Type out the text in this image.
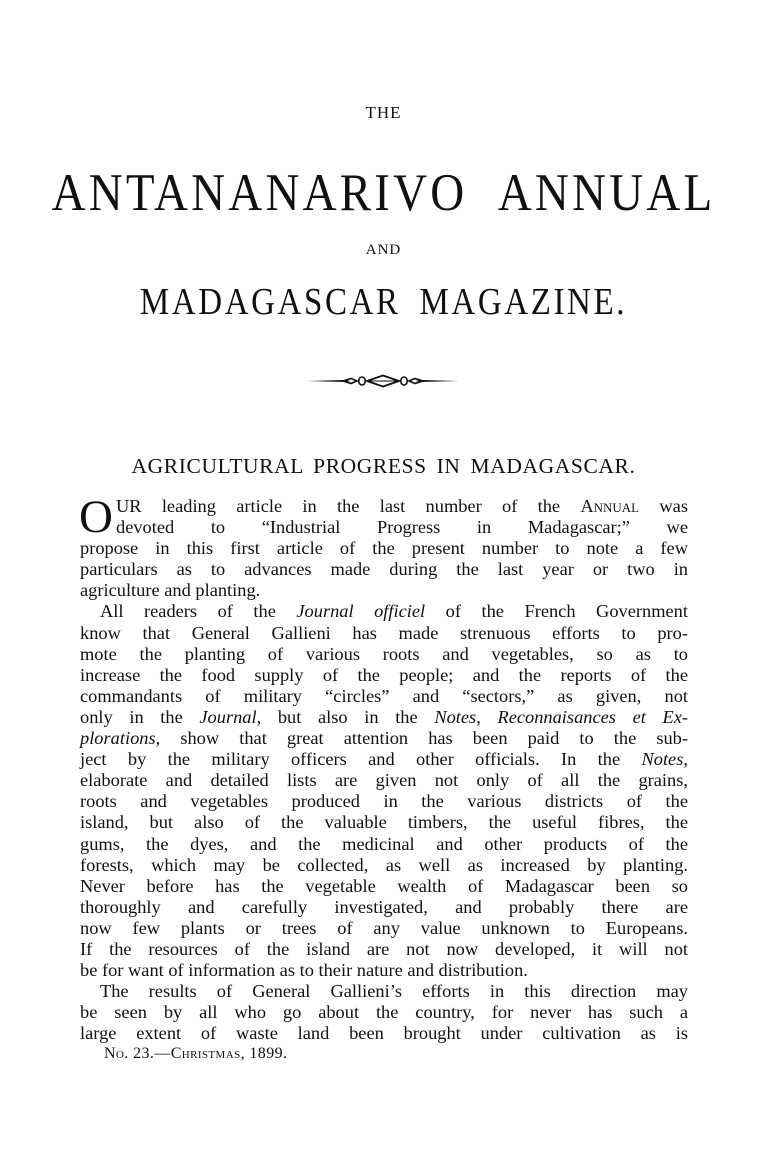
THE
ANTANANARIVO ANNUAL
AND
MADAGASCAR MAGAZINE.
AGRICULTURAL PROGRESS IN MADAGASCAR.
O UR leading article in the last number of the Annual was
devoted to “Industrial Progress in Madagascar;” we
propose in this first article of the present number to note a few
particulars as to advances made during the last year or two in
agriculture and planting.
All readers of the Journal officiel of the French Government
know that General Gallieni has made strenuous efforts to pro-
mote the planting of various roots and vegetables, so as to
increase the food supply of the people; and the reports of the
commandants of military “circles” and “sectors,” as given, not
only in the Journal, but also in the Notes, Reconnaisances et Ex-
plorations, show that great attention has been paid to the sub-
ject by the military officers and other officials. In the Notes,
elaborate and detailed lists are given not only of all the grains,
roots and vegetables produced in the various districts of the
island, but also of the valuable timbers, the useful fibres, the
gums, the dyes, and the medicinal and other products of the
forests, which may be collected, as well as increased by planting.
Never before has the vegetable wealth of Madagascar been so
thoroughly and carefully investigated, and probably there are
now few plants or trees of any value unknown to Europeans.
If the resources of the island are not now developed, it will not
be for want of information as to their nature and distribution.
The results of General Gallieni’s efforts in this direction may
be seen by all who go about the country, for never has such a
large extent of waste land been brought under cultivation as is
No. 23.—Christmas, 1899.
